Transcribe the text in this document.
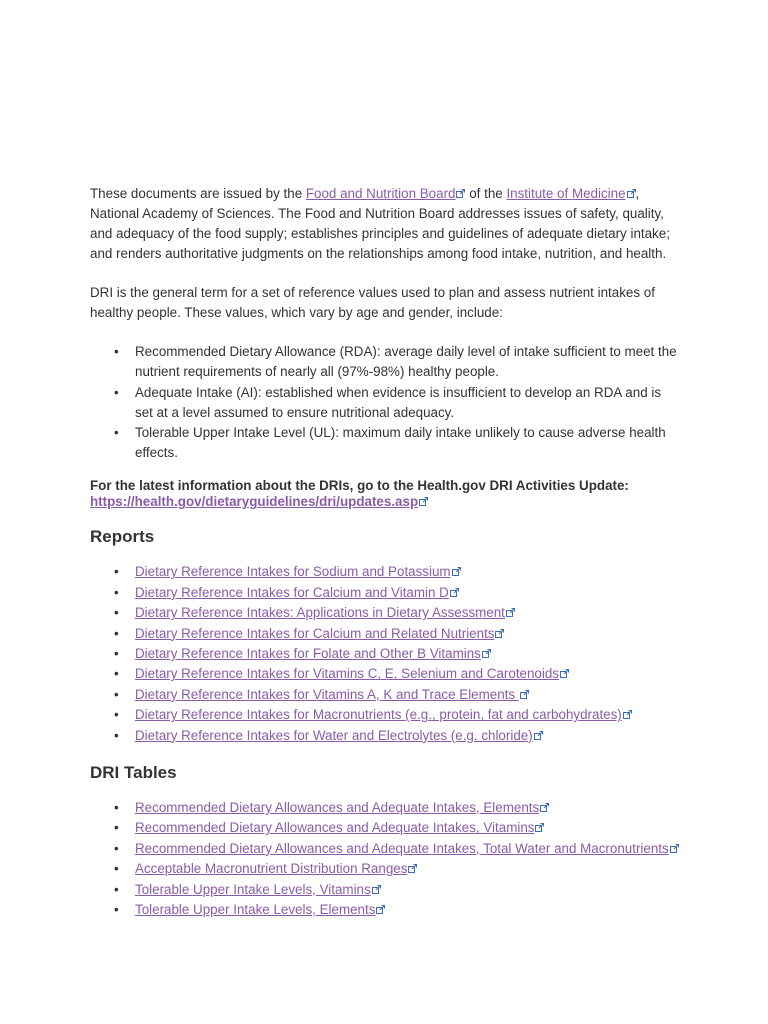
These documents are issued by the Food and Nutrition Board
of the Institute of Medicine , National Academy of Sciences. The Food and Nutrition Board addresses issues of safety, quality, and adequacy of the food supply; establishes principles and guidelines of adequate dietary intake; and renders authoritative judgments on the relationships among food intake, nutrition, and health.

DRI is the general term for a set of reference values used to plan and assess nutrient intakes of healthy people. These values, which vary by age and gender, include:

• Recommended Dietary Allowance (RDA): average daily level of intake sufficient to meet the nutrient requirements of nearly all (97%-98%) healthy people.
• Adequate Intake (AI): established when evidence is insufficient to develop an RDA and is set at a level assumed to ensure nutritional adequacy.
• Tolerable Upper Intake Level (UL): maximum daily intake unlikely to cause adverse health effects.

For the latest information about the DRIs, go to the Health.gov DRI Activities Update: https://health.gov/dietaryguidelines/dri/updates.asp

Reports
• Dietary Reference Intakes for Sodium and Potassium
• Dietary Reference Intakes for Calcium and Vitamin D
• Dietary Reference Intakes: Applications in Dietary Assessment
• Dietary Reference Intakes for Calcium and Related Nutrients
• Dietary Reference Intakes for Folate and Other B Vitamins
• Dietary Reference Intakes for Vitamins C, E, Selenium and Carotenoids
• Dietary Reference Intakes for Vitamins A, K and Trace Elements
• Dietary Reference Intakes for Macronutrients (e.g., protein, fat and carbohydrates)
• Dietary Reference Intakes for Water and Electrolytes (e.g. chloride)
DRI Tables
• Recommended Dietary Allowances and Adequate Intakes, Elements
• Recommended Dietary Allowances and Adequate Intakes, Vitamins
• Recommended Dietary Allowances and Adequate Intakes, Total Water and Macronutrients
• Acceptable Macronutrient Distribution Ranges
• Tolerable Upper Intake Levels, Vitamins
• Tolerable Upper Intake Levels, Elements
